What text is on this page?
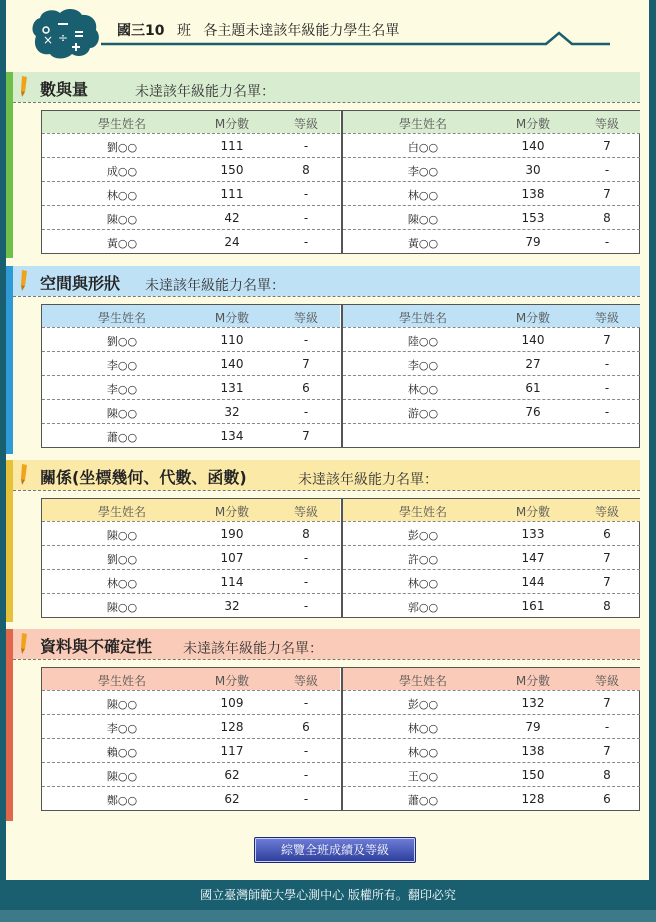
× ÷	國三10 班 各主題未達該年級能力學生名單
綜覽全班成績及等級
數與量	未達該年級能力名單：
學生姓名	M分數	等級
劉○○	111	-
成○○	150	8
林○○	111	-
陳○○	42	-
黃○○	24	-
學生姓名	M分數	等級
白○○	140	7
李○○	30	-
林○○	138	7
陳○○	153	8
黃○○	79	-
空間與形狀 未達該年級能力名單：
學生姓名	M分數	等級
劉○○	110	-
李○○	140	7
李○○	131	6
陳○○	32	-
蕭○○	134	7
學生姓名	M分數	等級
陸○○	140	7
李○○	27	-
林○○	61	-
游○○	76	-
關係(坐標幾何、代數、函數)	未達該年級能力名單：
學生姓名	M分數	等級
陳○○	190	8
劉○○	107	-
林○○	114	-
陳○○	32	-
學生姓名	M分數	等級
彭○○	133	6
許○○	147	7
林○○	144	7
郭○○	161	8
資料與不確定性 未達該年級能力名單：
學生姓名	M分數	等級
陳○○	109	-
李○○	128	6
賴○○	117	-
陳○○	62	-
鄭○○	62	-
學生姓名	M分數	等級
彭○○	132	7
林○○	79	-
林○○	138	7
王○○	150	8
蕭○○	128	6
國立臺灣師範大學心測中心 版權所有。翻印必究
